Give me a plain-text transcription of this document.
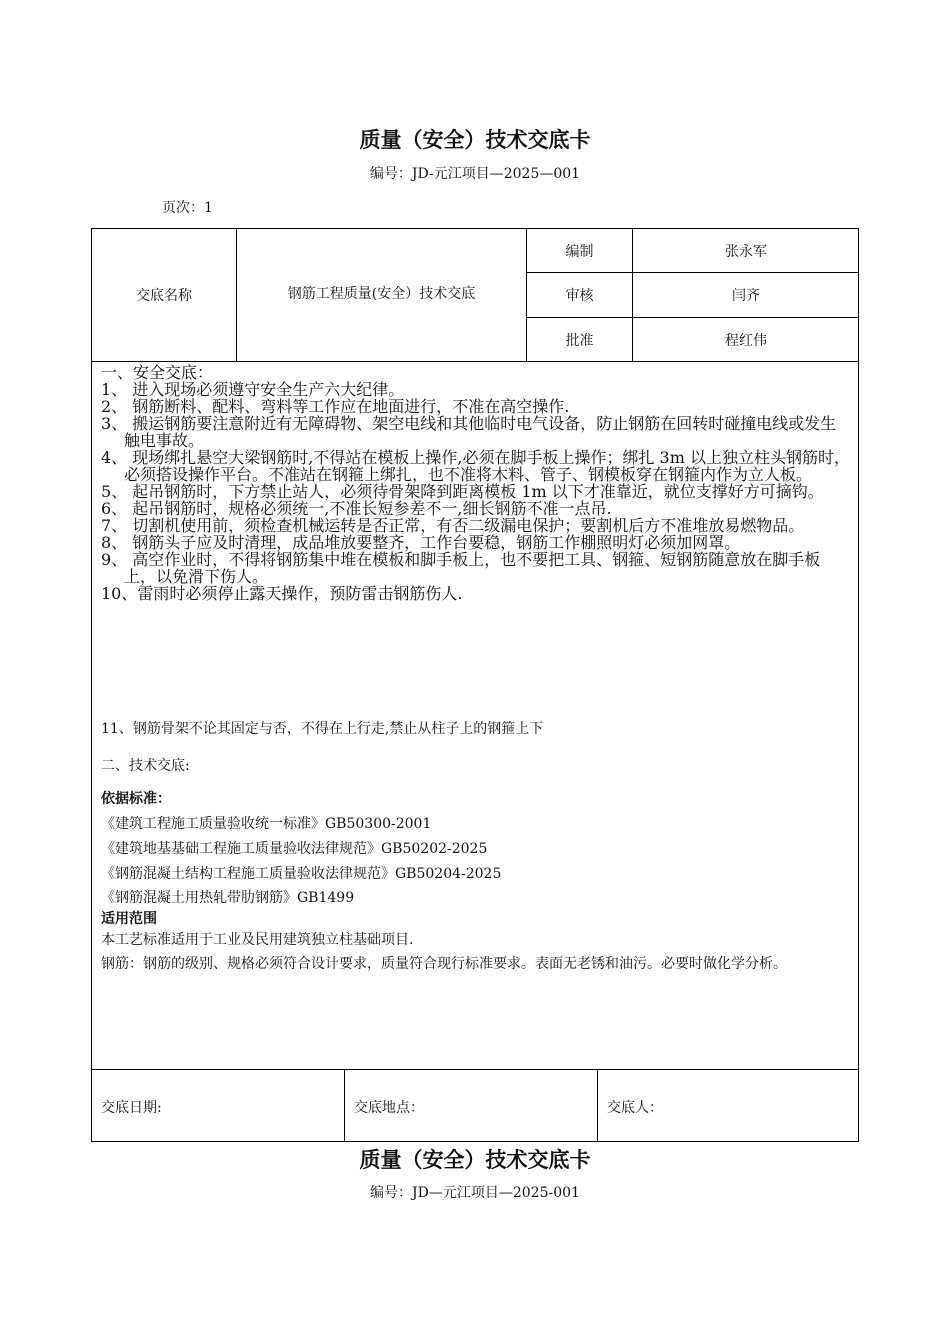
质量（安全）技术交底卡
编号：JD-元江项目—2025—001
页次：1
交底名称	钢筋工程质量(安全）技术交底
编制	张永军
审核	闫齐
批准	程红伟
一、安全交底：
1、 进入现场必须遵守安全生产六大纪律。
2、 钢筋断料、配料、弯料等工作应在地面进行，不准在高空操作.
3、 搬运钢筋要注意附近有无障碍物、架空电线和其他临时电气设备，防止钢筋在回转时碰撞电线或发生触电事故。
4、 现场绑扎悬空大梁钢筋时,不得站在模板上操作,必须在脚手板上操作；绑扎 3m 以上独立柱头钢筋时，必须搭设操作平台。不准站在钢箍上绑扎，也不准将木料、管子、钢模板穿在钢箍内作为立人板。
5、 起吊钢筋时，下方禁止站人，必须待骨架降到距离模板 1m 以下才准靠近，就位支撑好方可摘钩。
6、 起吊钢筋时，规格必须统一,不准长短参差不一,细长钢筋不准一点吊.
7、 切割机使用前，须检查机械运转是否正常，有否二级漏电保护；要割机后方不准堆放易燃物品。
8、 钢筋头子应及时清理，成品堆放要整齐，工作台要稳，钢筋工作棚照明灯必须加网罩。
9、 高空作业时，不得将钢筋集中堆在模板和脚手板上，也不要把工具、钢箍、短钢筋随意放在脚手板上，以免滑下伤人。
10、雷雨时必须停止露天操作，预防雷击钢筋伤人.
11、钢筋骨架不论其固定与否，不得在上行走,禁止从柱子上的钢箍上下
二、技术交底:
依据标准：
《建筑工程施工质量验收统一标准》GB50300-2001
《建筑地基基础工程施工质量验收法律规范》GB50202-2025
《钢筋混凝土结构工程施工质量验收法律规范》GB50204-2025
《钢筋混凝土用热轧带肋钢筋》GB1499
适用范围
本工艺标准适用于工业及民用建筑独立柱基础项目.
钢筋：钢筋的级别、规格必须符合设计要求，质量符合现行标准要求。表面无老锈和油污。必要时做化学分析。
交底日期:	交底地点：	交底人：
质量（安全）技术交底卡
编号：JD—元江项目—2025-001
